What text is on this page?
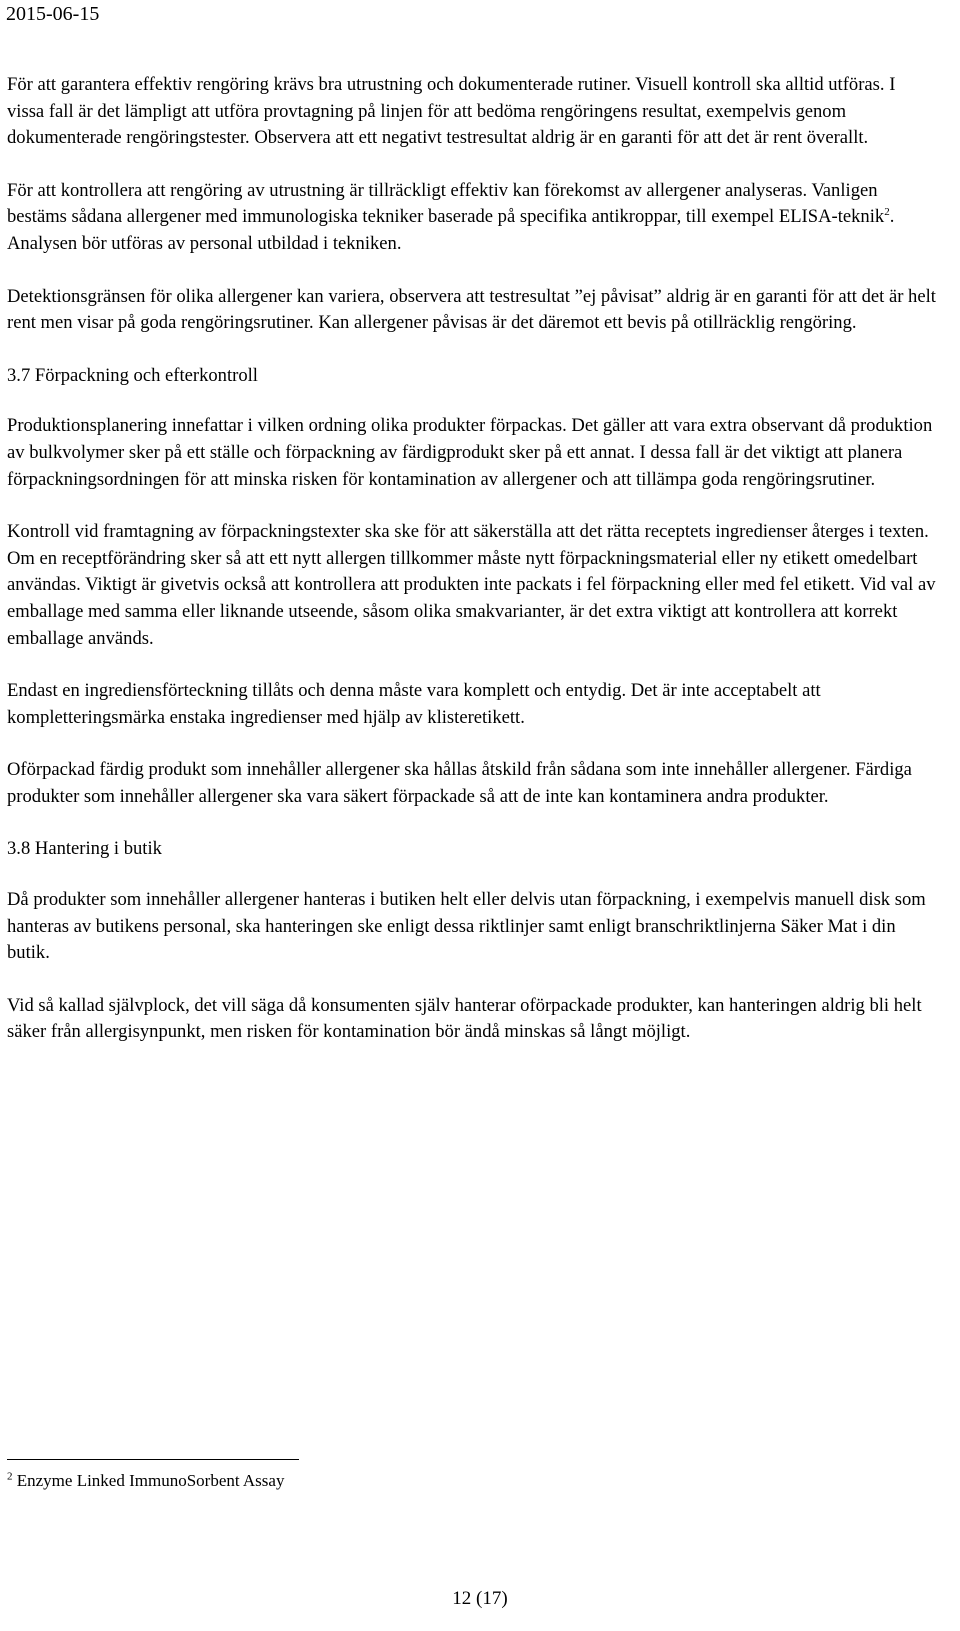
2015-06-15

För att garantera effektiv rengöring krävs bra utrustning och dokumenterade rutiner. Visuell kontroll ska alltid utföras. I vissa fall är det lämpligt att utföra provtagning på linjen för att bedöma rengöringens resultat, exempelvis genom dokumenterade rengöringstester. Observera att ett negativt testresultat aldrig är en garanti för att det är rent överallt.

För att kontrollera att rengöring av utrustning är tillräckligt effektiv kan förekomst av allergener analyseras. Vanligen bestäms sådana allergener med immunologiska tekniker baserade på specifika antikroppar, till exempel ELISA-teknik$^2$. Analysen bör utföras av personal utbildad i tekniken.

Detektionsgränsen för olika allergener kan variera, observera att testresultat ”ej påvisat” aldrig är en garanti för att det är helt rent men visar på goda rengöringsrutiner. Kan allergener påvisas är det däremot ett bevis på otillräcklig rengöring.

3.7 Förpackning och efterkontroll

Produktionsplanering innefattar i vilken ordning olika produkter förpackas. Det gäller att vara extra observant då produktion av bulkvolymer sker på ett ställe och förpackning av färdigprodukt sker på ett annat. I dessa fall är det viktigt att planera förpackningsordningen för att minska risken för kontamination av allergener och att tillämpa goda rengöringsrutiner.

Kontroll vid framtagning av förpackningstexter ska ske för att säkerställa att det rätta receptets ingredienser återges i texten. Om en receptförändring sker så att ett nytt allergen tillkommer måste nytt förpackningsmaterial eller ny etikett omedelbart användas. Viktigt är givetvis också att kontrollera att produkten inte packats i fel förpackning eller med fel etikett. Vid val av emballage med samma eller liknande utseende, såsom olika smakvarianter, är det extra viktigt att kontrollera att korrekt emballage används.

Endast en ingrediensförteckning tillåts och denna måste vara komplett och entydig. Det är inte acceptabelt att kompletteringsmärka enstaka ingredienser med hjälp av klisteretikett.

Oförpackad färdig produkt som innehåller allergener ska hållas åtskild från sådana som inte innehåller allergener. Färdiga produkter som innehåller allergener ska vara säkert förpackade så att de inte kan kontaminera andra produkter.

3.8 Hantering i butik

Då produkter som innehåller allergener hanteras i butiken helt eller delvis utan förpackning, i exempelvis manuell disk som hanteras av butikens personal, ska hanteringen ske enligt dessa riktlinjer samt enligt branschriktlinjerna Säker Mat i din butik.

Vid så kallad självplock, det vill säga då konsumenten själv hanterar oförpackade produkter, kan hanteringen aldrig bli helt säker från allergisynpunkt, men risken för kontamination bör ändå minskas så långt möjligt.

$^2$ Enzyme Linked ImmunoSorbent Assay
12 (17)
